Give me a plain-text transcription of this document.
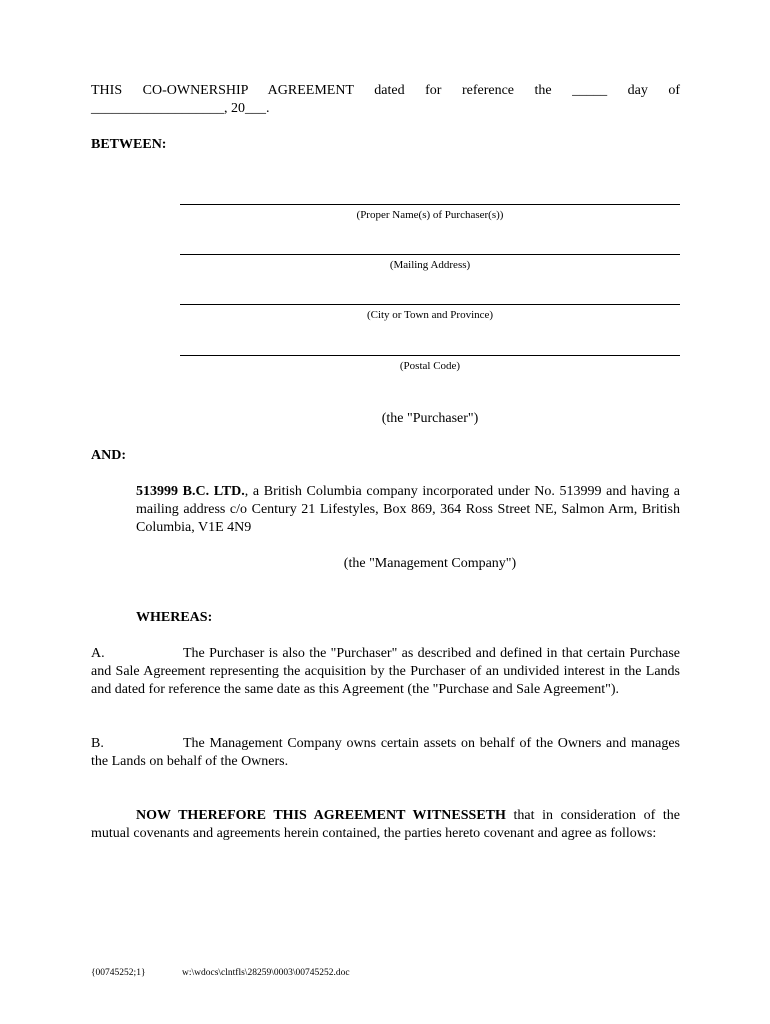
THIS CO-OWNERSHIP AGREEMENT dated for reference the _____ day of
___________________, 20___.
BETWEEN:
(Proper Name(s) of Purchaser(s))
(Mailing Address)
(City or Town and Province)
(Postal Code)
(the "Purchaser")
AND:
513999 B.C. LTD., a British Columbia company incorporated under No. 513999 and having a mailing address c/o Century 21 Lifestyles, Box 869, 364 Ross Street NE, Salmon Arm, British Columbia, V1E 4N9
(the "Management Company")
WHEREAS:
A.	The Purchaser is also the "Purchaser" as described and defined in that certain Purchase and Sale Agreement representing the acquisition by the Purchaser of an undivided interest in the Lands and dated for reference the same date as this Agreement (the "Purchase and Sale Agreement").
B.	The Management Company owns certain assets on behalf of the Owners and manages the Lands on behalf of the Owners.
NOW THEREFORE THIS AGREEMENT WITNESSETH that in consideration of the mutual covenants and agreements herein contained, the parties hereto covenant and agree as follows:
{00745252;1}	w:\wdocs\clntfls\28259\0003\00745252.doc
